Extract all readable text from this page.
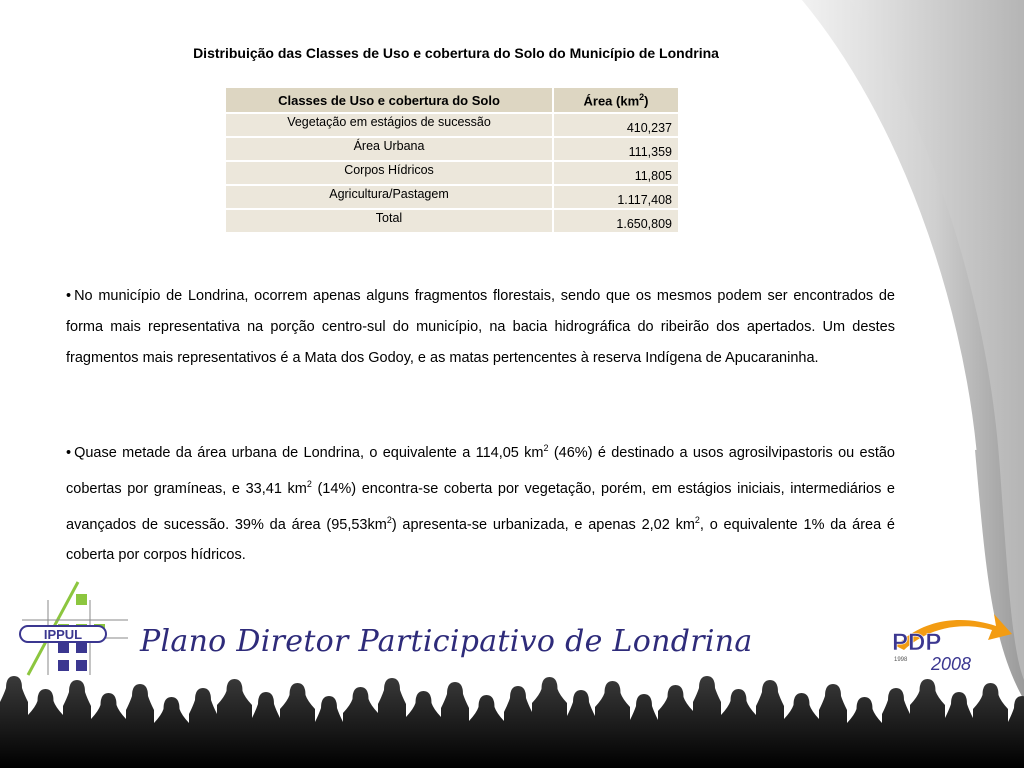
Distribuição das Classes de Uso e cobertura do Solo do Município de Londrina
Classes de Uso e cobertura do Solo	Área $(km^2)$
Vegetação em estágios de sucessão	410,237
Área Urbana	111,359
Corpos Hídricos	11,805
Agricultura/Pastagem	1.117,408
Total	1.650,809
• No município de Londrina, ocorrem apenas alguns fragmentos florestais, sendo que os mesmos podem ser encontrados de forma mais representativa na porção centro-sul do município, na bacia hidrográfica do ribeirão dos apertados. Um destes fragmentos mais representativos é a Mata dos Godoy, e as matas pertencentes à reserva Indígena de Apucaraninha.
• Quase metade da área urbana de Londrina, o equivalente a 114,05 $km^2$ (46%) é destinado a usos agrosilvipastoris ou estão cobertas por gramíneas, e 33,41 $km^2$ (14%) encontra-se coberta por vegetação, porém, em estágios iniciais, intermediários e avançados de sucessão. 39% da área $(95,53km^2)$ apresenta-se urbanizada, e apenas 2,02 $km^2$, o equivalente 1% da área é coberta por corpos hídricos.
IPPUL Plano Diretor Participativo de Londrina	PDP
1998 2008
